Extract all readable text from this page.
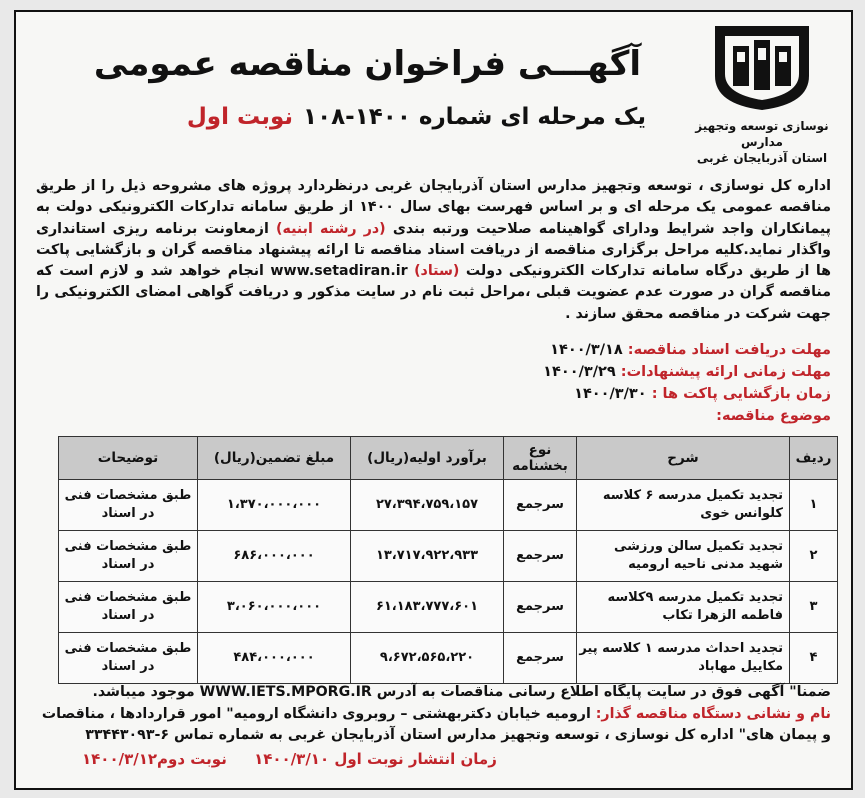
نوسازی توسعه وتجهیز مدارس
استان آذربایجان غربی
آگهـــی فراخوان مناقصه عمومی
یک مرحله ای شماره ۱۴۰۰-۱۰۸نوبت اول
اداره کل نوسازی ، توسعه وتجهیز مدارس استان آذربایجان غربی درنظردارد پروژه های مشروحه ذیل را از طریق مناقصه عمومی یک مرحله ای و بر اساس فهرست بهای سال ۱۴۰۰ از طریق سامانه تدارکات الکترونیکی دولت به پیمانکاران واجد شرایط ودارای گواهینامه صلاحیت ورتبه بندی (در رشته ابنیه) ازمعاونت برنامه ریزی استانداری واگذار نماید.کلیه مراحل برگزاری مناقصه از دریافت اسناد مناقصه تا ارائه پیشنهاد مناقصه گران و بازگشایی پاکت ها از طریق درگاه سامانه تدارکات الکترونیکی دولت (ستاد) www.setadiran.ir انجام خواهد شد و لازم است که مناقصه گران در صورت عدم عضویت قبلی ،مراحل ثبت نام در سایت مذکور و دریافت گواهی امضای الکترونیکی را جهت شرکت در مناقصه محقق سازند .
مهلت دریافت اسناد مناقصه: ۱۴۰۰/۳/۱۸
مهلت زمانی ارائه پیشنهادات: ۱۴۰۰/۳/۲۹
زمان بازگشایی پاکت ها : ۱۴۰۰/۳/۳۰
موضوع مناقصه:
ردیف	شرح	نوع بخشنامه	برآورد اولیه(ریال)	مبلغ تضمین(ریال)	توضیحات
۱	تجدید تکمیل مدرسه ۶ کلاسه کلوانس خوی	سرجمع	۲۷،۳۹۴،۷۵۹،۱۵۷	۱،۳۷۰،۰۰۰،۰۰۰	طبق مشخصات فنی در اسناد
۲	تجدید تکمیل سالن ورزشی شهید مدنی ناحیه ارومیه	سرجمع	۱۳،۷۱۷،۹۲۲،۹۳۳	۶۸۶،۰۰۰،۰۰۰	طبق مشخصات فنی در اسناد
۳	تجدید تکمیل مدرسه ۹کلاسه فاطمه الزهرا تکاب	سرجمع	۶۱،۱۸۳،۷۷۷،۶۰۱	۳،۰۶۰،۰۰۰،۰۰۰	طبق مشخصات فنی در اسناد
۴	تجدید احداث مدرسه ۱ کلاسه پیر مکاییل مهاباد	سرجمع	۹،۶۷۲،۵۶۵،۲۲۰	۴۸۴،۰۰۰،۰۰۰	طبق مشخصات فنی در اسناد
ضمنا" آگهی فوق در سایت پایگاه اطلاع رسانی مناقصات به آدرس WWW.IETS.MPORG.IR موجود میباشد.
نام و نشانی دستگاه مناقصه گذار: ارومیه خیابان دکتربهشتی – روبروی دانشگاه ارومیه" امور قراردادها ، مناقصات و پیمان های" اداره کل نوسازی ، توسعه وتجهیز مدارس استان آذربایجان غربی به شماره تماس ۶-۳۳۴۴۳۰۹۳
زمان انتشار نوبت اول ۱۴۰۰/۳/۱۰ نوبت دوم۱۴۰۰/۳/۱۲
